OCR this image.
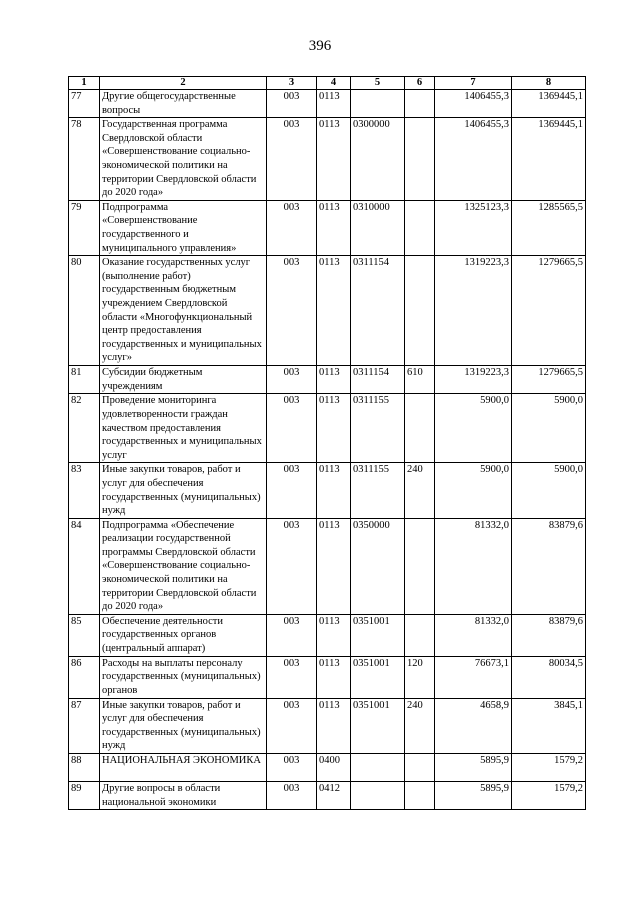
396
1	2	3	4	5	6	7	8
77	Другие общегосударственные вопросы	003	0113			1406455,3	1369445,1
78	Государственная программа Свердловской области «Совершенствование социально-экономической политики на территории Свердловской области до 2020 года»	003	0113	0300000		1406455,3	1369445,1
79	Подпрограмма «Совершенствование государственного и муниципального управления»	003	0113	0310000		1325123,3	1285565,5
80	Оказание государственных услуг (выполнение работ) государственным бюджетным учреждением Свердловской области «Многофункциональный центр предоставления государственных и муниципальных услуг»	003	0113	0311154		1319223,3	1279665,5
81	Субсидии бюджетным учреждениям	003	0113	0311154	610	1319223,3	1279665,5
82	Проведение мониторинга удовлетворенности граждан качеством предоставления государственных и муниципальных услуг	003	0113	0311155		5900,0	5900,0
83	Иные закупки товаров, работ и услуг для обеспечения государственных (муниципальных) нужд	003	0113	0311155	240	5900,0	5900,0
84	Подпрограмма «Обеспечение реализации государственной программы Свердловской области «Совершенствование социально-экономической политики на территории Свердловской области до 2020 года»	003	0113	0350000		81332,0	83879,6
85	Обеспечение деятельности государственных органов (центральный аппарат)	003	0113	0351001		81332,0	83879,6
86	Расходы на выплаты персоналу государственных (муниципальных) органов	003	0113	0351001	120	76673,1	80034,5
87	Иные закупки товаров, работ и услуг для обеспечения государственных (муниципальных) нужд	003	0113	0351001	240	4658,9	3845,1
88	НАЦИОНАЛЬНАЯ ЭКОНОМИКА	003	0400			5895,9	1579,2
89	Другие вопросы в области национальной экономики	003	0412			5895,9	1579,2
